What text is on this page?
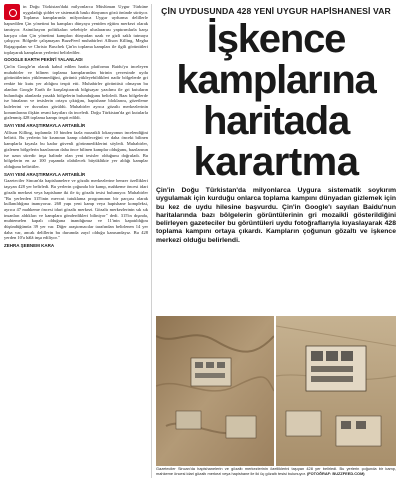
in Doğu Türkistan'daki milyonlarca Müslüman Uygur Türküne uyguladığı şiddet ve sistematik baskı dünyanın gözü önünde sürüyor. Toplama kamplarında milyonlarca Uygur uydurma delillerle hapsedilen Çin yönetimi bu kampları dünyaya yeniden eğitim merkezi olarak tanıtıyor. Asimilasyon politikaları sebebiyle uluslararası yaptırımlarla karşı karşıya olan Çin yönetimi kampları dünyadan uzak ve gizli saklı tutmaya çalışıyor. Bölgede çalışmayan BuzzFeed muhabirleri Allison Killing, Megha Rajagopalan ve Christo Buschek Çin'in toplama kampları ile ilgili görüntüleri toplayarak kampların yerlerini belirlediler.

GOOGLE EARTH PEKİN'İ YALANLADI

Çin'in Google'ın olarak kabul edilen harita platformu Baidu'yu inceleyen muhabirler ve bilinen toplama kamplarından birinin çevresinde uydu görüntülerinin yüklenmediğini, görüntü yükleyebildikleri nadir bölgelerde gri renkte bir kutu yer aldığını tespit etti. Muhabirler görüntüsü olmayan bu alanları Google Earth ile karşılaştırarak bilgisayar yazılımı ile gri kutuların bulunduğu alanlarda yasaklı bölgelerin bulunduğunu belirledi. Bazı bölgelerde ise binaların ve tesislerin ortaya çıktığını, hapishane bloklarını, gözetleme kulelerini ve duvarları görüldü. Muhabirler ayrıca gözaltı merkezlerinin konumlarına ilişkin resmi kayıtları da inceledi. Doğu Türkistan'da gri kutularla gizlenmiş 428 toplama kampı tespit edildi.

SAYI YENİ ARAŞTIRMAYLA ARTABİLİR

Allison Killing, toplamda 10 binden fazla mozaikli lokasyonun incelendiğini belirtti. Bu yerlerin bir kısmının kamp olabileceğini ve daha önceki bilinen kamplarla kıyasla bu kadar güvenli görünmediklerini söyledi. Muhabirler, gizlenen bölgelerin bazılarının daha önce bilinen kamplar olduğunu, bazılarının ise uzun süredir inşa halinde olan yeni tesisler olduğunu doğruladı. Bu bölgelerin en az 100 yaşamda olabilecek büyüklükte yer aldığı kamplar olduğunu belirttiler.

SAYI YENİ ARAŞTIRMAYLA ARTABİLİR

Gazeteciler Sincan'da hapishanelere ve gözaltı merkezlerine benzer özellikleri taşıyan 428 yer belirledi. Bu yerlerin çoğunda bir kamp, mahkeme öncesi idari gözaltı merkezi veya hapishane iki ile üç gözaltı tesisi bulunuyor. Muhabirler "Bu yerlerden 315'inin mevcut tutuklama programının bir parçası olarak kullanıldığına inanıyoruz. 268 yapı yeni kamp veya hapishane kompleksi, ayrıca 47 mahkeme öncesi idari gözaltı merkezi. Gözaltı merkezlerinin sık sık insanları aldıkları ve kamplara gönderdikleri biliniyor" dedi. 315'in dışında, muhtemelen kapalı olduğuna inandığımız ve 11'inin kapatıldığını düşündüğümüz 39 yer var. Diğer araştırmacılar tarafından belirlenen 14 yer daha var, ancak delillerin bu durumda zayıf olduğu kanısındayız. Bu 428 yerden 10'u hâlâ inşa ediliyor."

ZEHRA ŞEBNEM KARA

ÇİN UYDUSUNDA 428 YENİ UYGUR HAPİSHANESİ VAR
İşkence
kamplarına
haritada
karartma

Çin'in Doğu Türkistan'da milyonlarca Uygura sistematik soykırım uygulamak için kurduğu onlarca toplama kampını dünyadan gizlemek için bu kez de uydu hilesine başvurdu. Çin'in Google'ı sayılan Baidu'nun haritalarında bazı bölgelerin görüntülerinin gri mozaikli gösterildiğini belirleyen gazeteciler bu görüntüleri uydu fotoğraflarıyla kıyaslayarak 428 toplama kampını ortaya çıkardı. Kampların çoğunun gözaltı ve işkence merkezi olduğu belirlendi.

Gazeteciler Sincan'da hapishanelerin ve gözaltı merkezlerinin özelliklerini taşıyan 428 yer belirledi. Bu yerlerin çoğunda bir kamp, mahkeme öncesi idari gözaltı merkezi veya hapishane ile iki üç gözaltı tesisi bulunuyor. (FOTOĞRAF: BUZZFEED.COM)
